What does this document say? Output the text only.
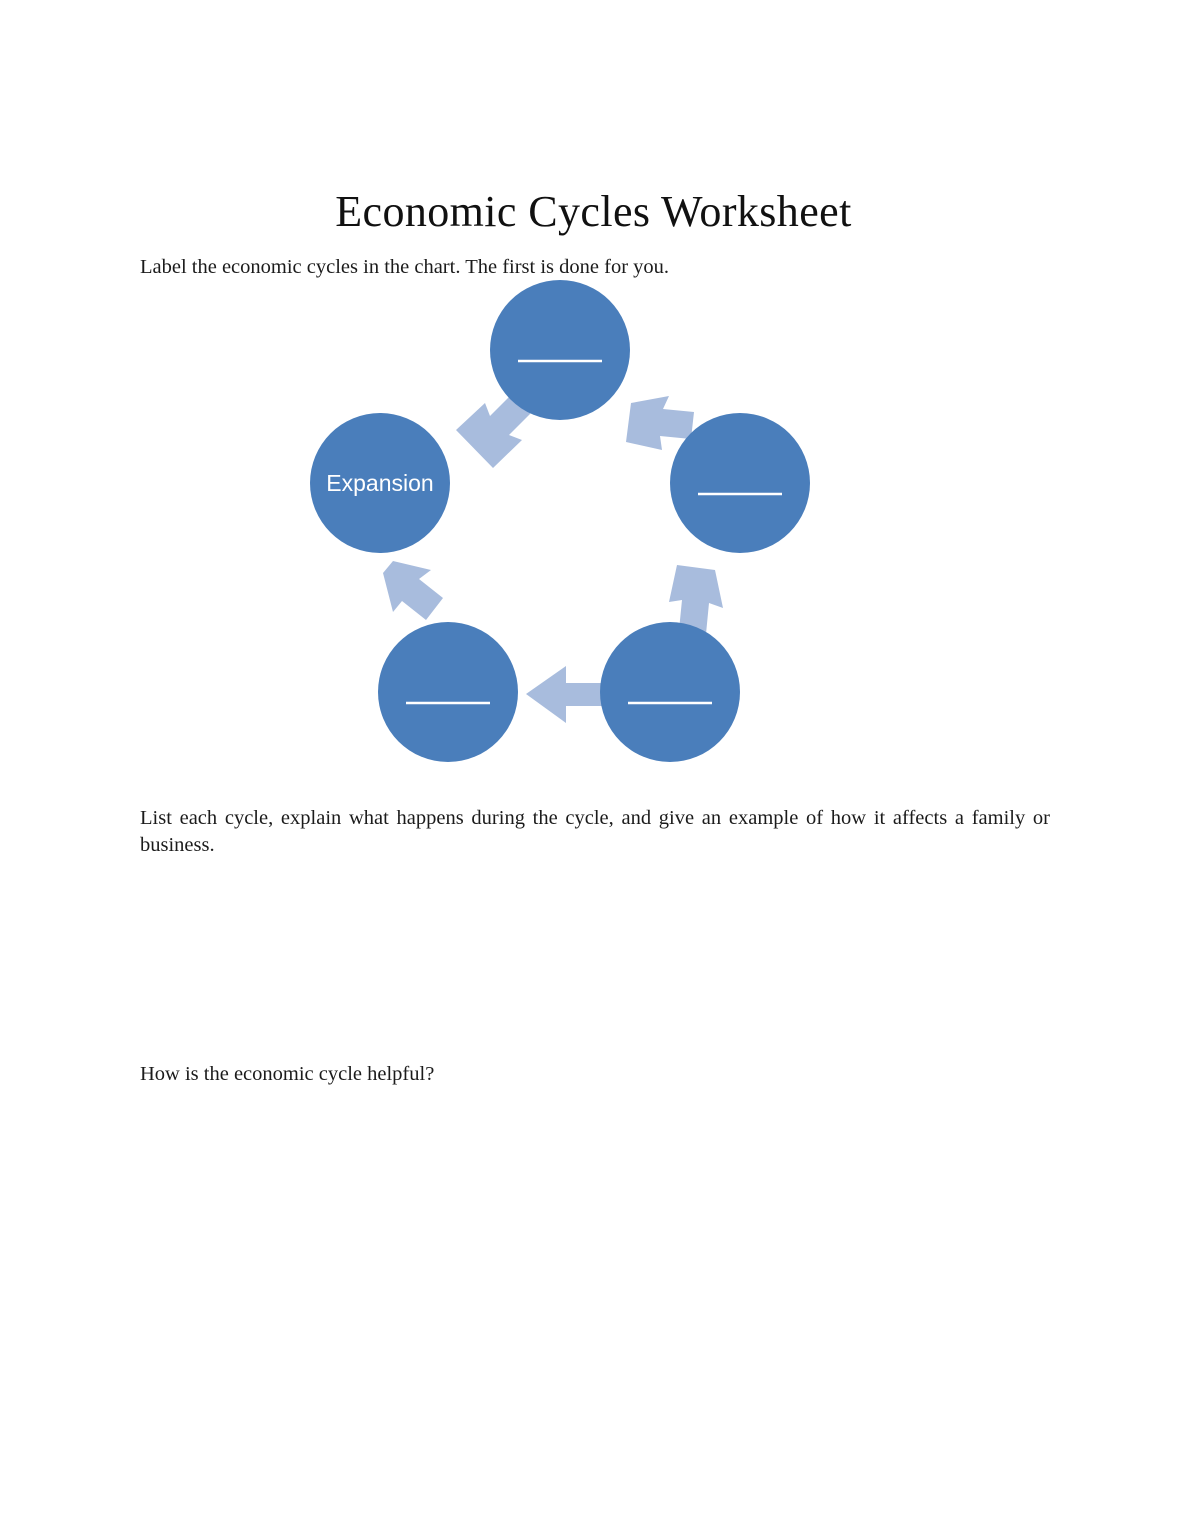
Economic Cycles Worksheet

Label the economic cycles in the chart. The first is done for you.

Expansion

List each cycle, explain what happens during the cycle, and give an example of how it affects a family or business.

How is the economic cycle helpful?
